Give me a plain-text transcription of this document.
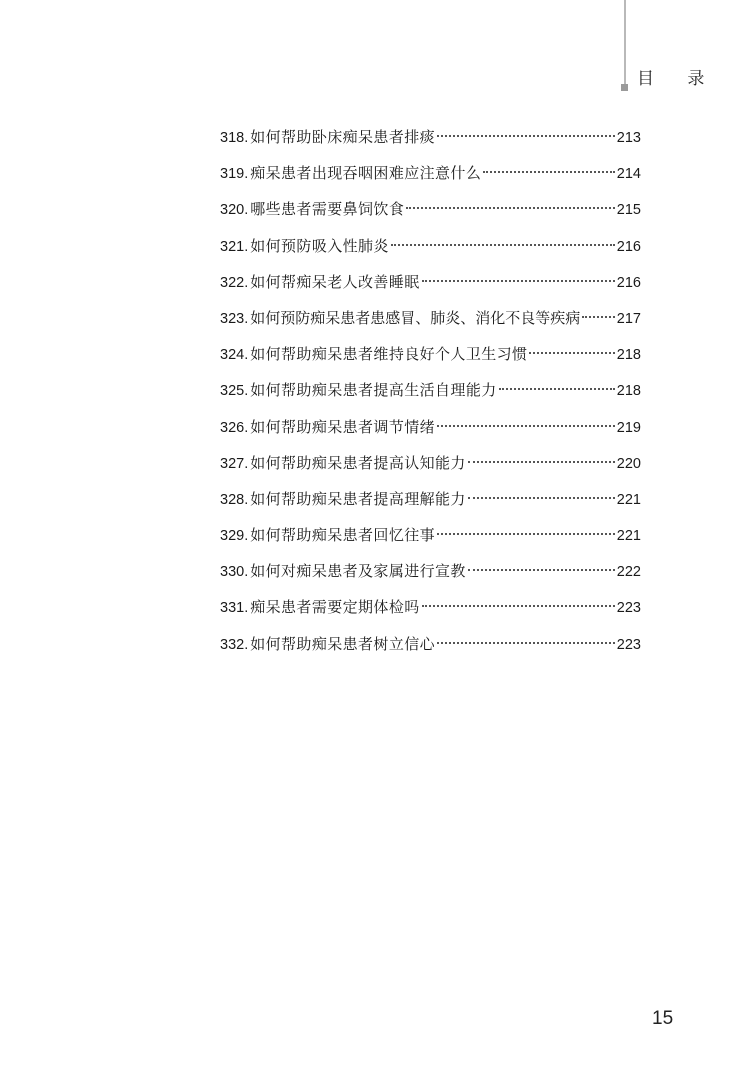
目 录
318. 如何帮助卧床痴呆患者排痰	213
319. 痴呆患者出现吞咽困难应注意什么	214
320. 哪些患者需要鼻饲饮食	215
321. 如何预防吸入性肺炎	216
322. 如何帮痴呆老人改善睡眠	216
323. 如何预防痴呆患者患感冒、肺炎、消化不良等疾病	217
324. 如何帮助痴呆患者维持良好个人卫生习惯	218
325. 如何帮助痴呆患者提高生活自理能力	218
326. 如何帮助痴呆患者调节情绪	219
327. 如何帮助痴呆患者提高认知能力	220
328. 如何帮助痴呆患者提高理解能力	221
329. 如何帮助痴呆患者回忆往事	221
330. 如何对痴呆患者及家属进行宣教	222
331. 痴呆患者需要定期体检吗	223
332. 如何帮助痴呆患者树立信心	223
15
